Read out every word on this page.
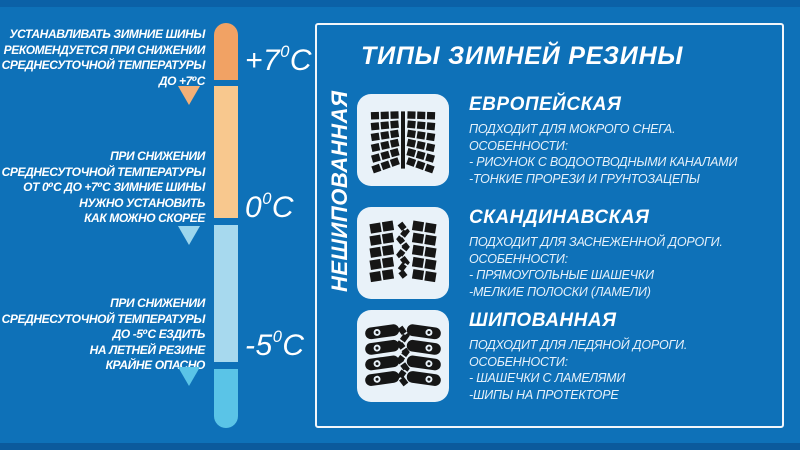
УСТАНАВЛИВАТЬ ЗИМНИЕ ШИНЫ
РЕКОМЕНДУЕТСЯ ПРИ СНИЖЕНИИ
СРЕДНЕСУТОЧНОЙ ТЕМПЕРАТУРЫ
ДО +7⁰С
ПРИ СНИЖЕНИИ
СРЕДНЕСУТОЧНОЙ ТЕМПЕРАТУРЫ
ОТ 0⁰С ДО +7⁰С ЗИМНИЕ ШИНЫ
НУЖНО УСТАНОВИТЬ
КАК МОЖНО СКОРЕЕ
ПРИ СНИЖЕНИИ
СРЕДНЕСУТОЧНОЙ ТЕМПЕРАТУРЫ
ДО -5⁰С ЕЗДИТЬ
НА ЛЕТНЕЙ РЕЗИНЕ
КРАЙНЕ ОПАСНО
$+7^0C$
$0^0C$
$-5^0C$
ТИПЫ ЗИМНЕЙ РЕЗИНЫ
НЕШИПОВАННАЯ	ЕВРОПЕЙСКАЯ
ПОДХОДИТ ДЛЯ МОКРОГО СНЕГА.
ОСОБЕННОСТИ:
- РИСУНОК С ВОДООТВОДНЫМИ КАНАЛАМИ
-ТОНКИЕ ПРОРЕЗИ И ГРУНТОЗАЦЕПЫ
СКАНДИНАВСКАЯ
ПОДХОДИТ ДЛЯ ЗАСНЕЖЕННОЙ ДОРОГИ.
ОСОБЕННОСТИ:
- ПРЯМОУГОЛЬНЫЕ ШАШЕЧКИ
-МЕЛКИЕ ПОЛОСКИ (ЛАМЕЛИ)
ШИПОВАННАЯ
ПОДХОДИТ ДЛЯ ЛЕДЯНОЙ ДОРОГИ.
ОСОБЕННОСТИ:
- ШАШЕЧКИ С ЛАМЕЛЯМИ
-ШИПЫ НА ПРОТЕКТОРЕ
